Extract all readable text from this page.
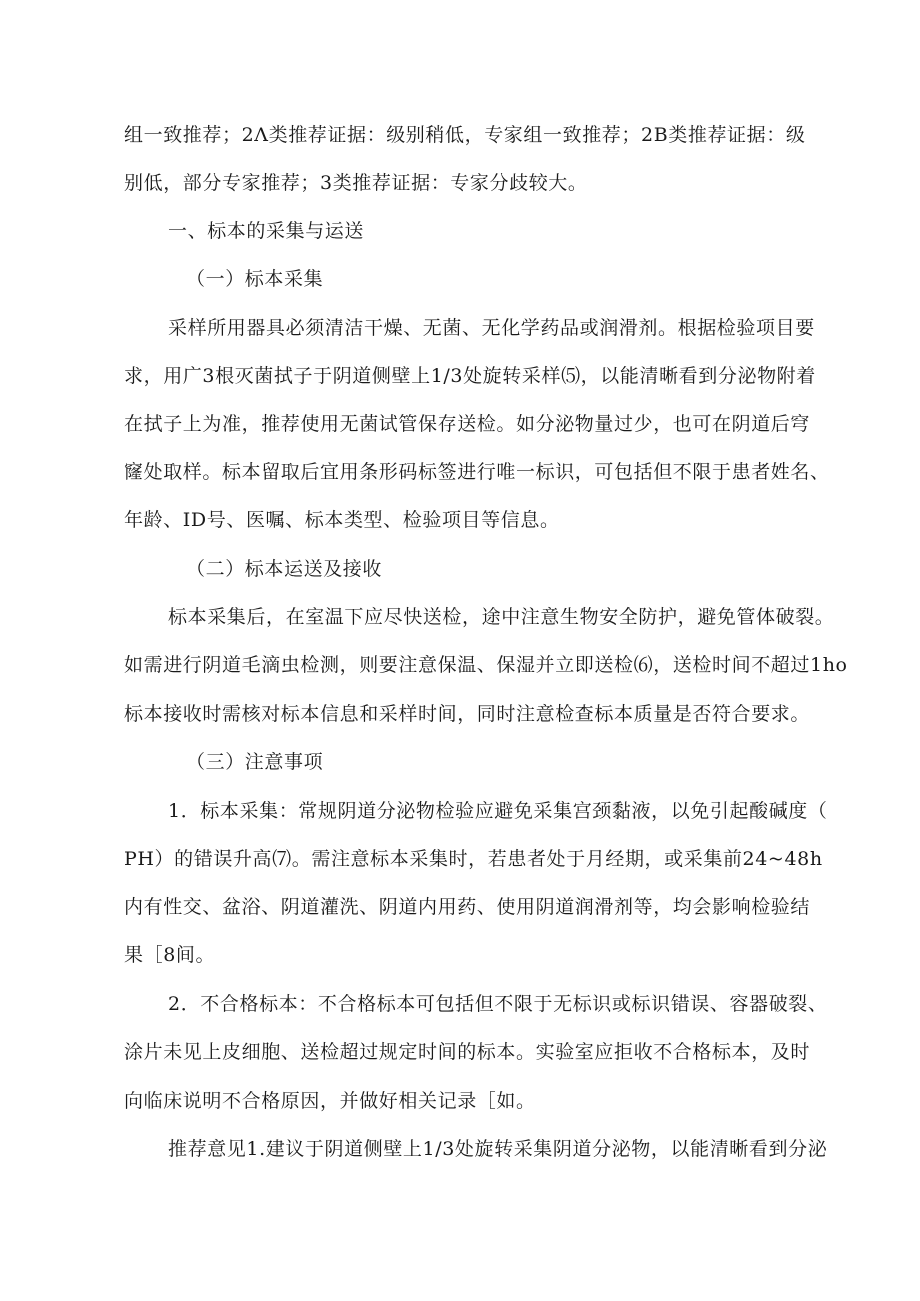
组一致推荐；2Λ类推荐证据：级别稍低，专家组一致推荐；2B类推荐证据：级
别低，部分专家推荐；3类推荐证据：专家分歧较大。
一、标本的采集与运送
（一）标本采集
采样所用器具必须清洁干燥、无菌、无化学药品或润滑剂。根据检验项目要
求，用广3根灭菌拭子于阴道侧壁上1/3处旋转采样⑸，以能清晰看到分泌物附着
在拭子上为准，推荐使用无菌试管保存送检。如分泌物量过少，也可在阴道后穹
窿处取样。标本留取后宜用条形码标签进行唯一标识，可包括但不限于患者姓名、
年龄、ID号、医嘱、标本类型、检验项目等信息。
（二）标本运送及接收
标本采集后，在室温下应尽快送检，途中注意生物安全防护，避免管体破裂。
如需进行阴道毛滴虫检测，则要注意保温、保湿并立即送检⑹，送检时间不超过1ho
标本接收时需核对标本信息和采样时间，同时注意检查标本质量是否符合要求。
（三）注意事项
1．标本采集：常规阴道分泌物检验应避免采集宫颈黏液，以免引起酸碱度（
PH）的错误升高⑺。需注意标本采集时，若患者处于月经期，或采集前24~48h
内有性交、盆浴、阴道灌洗、阴道内用药、使用阴道润滑剂等，均会影响检验结
果［8间。
2．不合格标本：不合格标本可包括但不限于无标识或标识错误、容器破裂、
涂片未见上皮细胞、送检超过规定时间的标本。实验室应拒收不合格标本，及时
向临床说明不合格原因，并做好相关记录［如。
推荐意见1.建议于阴道侧壁上1/3处旋转采集阴道分泌物，以能清晰看到分泌
